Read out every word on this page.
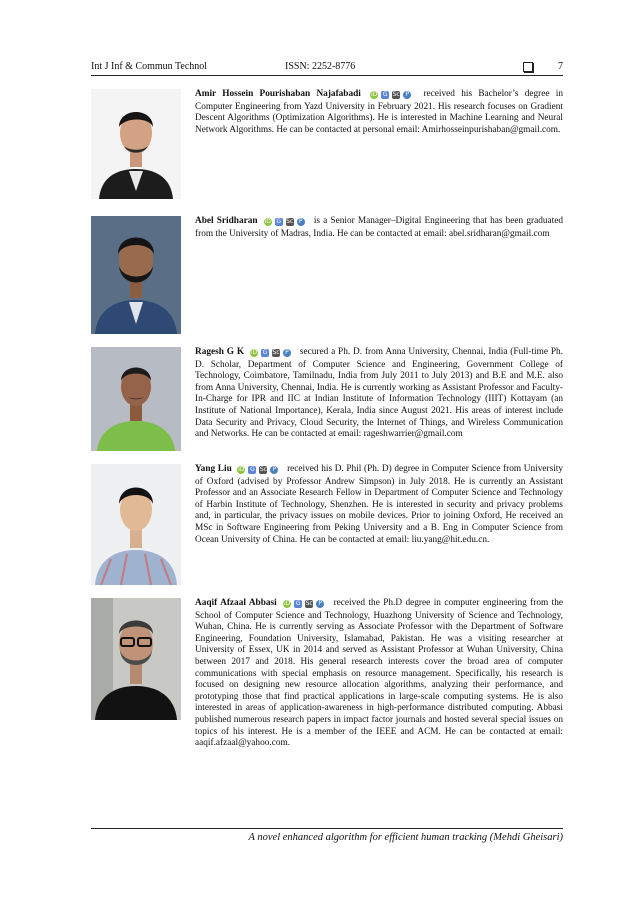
Int J Inf & Commun Technol	ISSN: 2252-8776	7
Amir Hossein Pourishaban Najafabadi iD G Sc P received his Bachelor’s degree in Computer Engineering from Yazd University in February 2021. His research focuses on Gradient Descent Algorithms (Optimization Algorithms). He is interested in Machine Learning and Neural Network Algorithms. He can be contacted at personal email: Amirhosseinpurishaban@gmail.com.
Abel Sridharan iD G Sc P is a Senior Manager–Digital Engineering that has been graduated from the University of Madras, India. He can be contacted at email: abel.sridharan@gmail.com
Ragesh G K iD G Sc P secured a Ph. D. from Anna University, Chennai, India (Full-time Ph. D. Scholar, Department of Computer Science and Engineering, Government College of Technology, Coimbatore, Tamilnadu, India from July 2011 to July 2013) and B.E and M.E. also from Anna University, Chennai, India. He is currently working as Assistant Professor and Faculty-In-Charge for IPR and IIC at Indian Institute of Information Technology (IIIT) Kottayam (an Institute of National Importance), Kerala, India since August 2021. His areas of interest include Data Security and Privacy, Cloud Security, the Internet of Things, and Wireless Communication and Networks. He can be contacted at email: rageshwarrier@gmail.com
Yang Liu iD G Sc P received his D. Phil (Ph. D) degree in Computer Science from University of Oxford (advised by Professor Andrew Simpson) in July 2018. He is currently an Assistant Professor and an Associate Research Fellow in Department of Computer Science and Technology of Harbin Institute of Technology, Shenzhen. He is interested in security and privacy problems and, in particular, the privacy issues on mobile devices. Prior to joining Oxford, He received an MSc in Software Engineering from Peking University and a B. Eng in Computer Science from Ocean University of China. He can be contacted at email: liu.yang@hit.edu.cn.
Aaqif Afzaal Abbasi iD G Sc P received the Ph.D degree in computer engineering from the School of Computer Science and Technology, Huazhong University of Science and Technology, Wuhan, China. He is currently serving as Associate Professor with the Department of Software Engineering, Foundation University, Islamabad, Pakistan. He was a visiting researcher at University of Essex, UK in 2014 and served as Assistant Professor at Wuhan University, China between 2017 and 2018. His general research interests cover the broad area of computer communications with special emphasis on resource management. Specifically, his research is focused on designing new resource allocation algorithms, analyzing their performance, and prototyping those that find practical applications in large-scale computing systems. He is also interested in areas of application-awareness in high-performance distributed computing. Abbasi published numerous research papers in impact factor journals and hosted several special issues on topics of his interest. He is a member of the IEEE and ACM. He can be contacted at email: aaqif.afzaal@yahoo.com.
A novel enhanced algorithm for efficient human tracking (Mehdi Gheisari)
